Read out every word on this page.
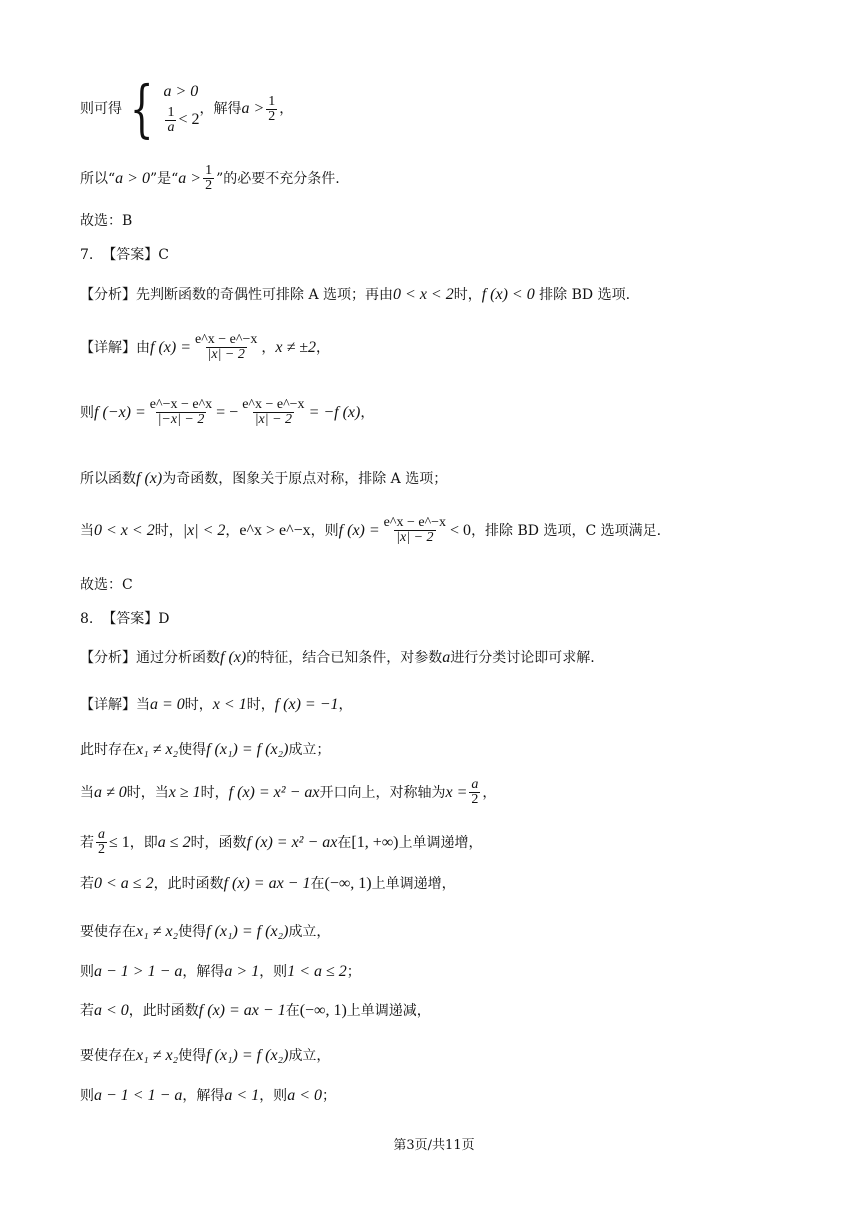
则可得 { a > 0
$\frac{1}{a} < 2$
，解得 $a > \frac{1}{2}$ ，
所以“ a > 0 ”是“ $a > \frac{1}{2}$ ”的必要不充分条件.
故选：B
7.
【答案】C
【分析】先判断函数的奇偶性可排除 A 选项；再由 0 < x < 2 时， f (x) < 0
排除 BD 选项.
【详解】由 f $(x) = \frac{e\^{}x - e\^{}-x}{|x| - 2}$ ， x ≠ ±2 ，
则 f $(-x) = \frac{e\^{}-x - e\^{}x}{|-x| - 2}$ = − $\frac{e\^{}x - e\^{}-x}{|x| - 2} = -f$ (x) ，
所以函数 f (x) 为奇函数，图象关于原点对称，排除 A 选项；
当 0 < x < 2 时， |x| < 2 ， e^x > e^−x ，则 f $(x) = \frac{e\^{}x - e\^{}-x}{|x| - 2} < 0$ ，排除 BD 选项，C 选项满足.
故选：C
8.
【答案】D
【分析】通过分析函数 f (x) 的特征，结合已知条件，对参数 a 进行分类讨论即可求解.
【详解】当 a = 0 时， x < 1 时， f (x) = −1 ，
此时存在 x₁ ≠ x₂ 使得 f (x₁) = f (x₂) 成立；
当 a ≠ 0 时，当 x ≥ 1 时， f (x) = x² − ax 开口向上，对称轴为 $x = \frac{a}{2}$ ，
若 $\frac{a}{2} \le 1$ ，即 a ≤ 2 时，函数 f (x) = x² − ax 在 [1, +∞) 上单调递增，
若 0 < a ≤ 2 ，此时函数 f (x) = ax − 1 在 (−∞, 1) 上单调递增，
要使存在 x₁ ≠ x₂ 使得 f (x₁) = f (x₂) 成立，
则 a − 1 > 1 − a ，解得 a > 1 ，则 1 < a ≤ 2 ；
若 a < 0 ，此时函数 f (x) = ax − 1 在 (−∞, 1) 上单调递减，
要使存在 x₁ ≠ x₂ 使得 f (x₁) = f (x₂) 成立，
则 a − 1 < 1 − a ，解得 a < 1 ，则 a < 0 ；
第3页/共11页
